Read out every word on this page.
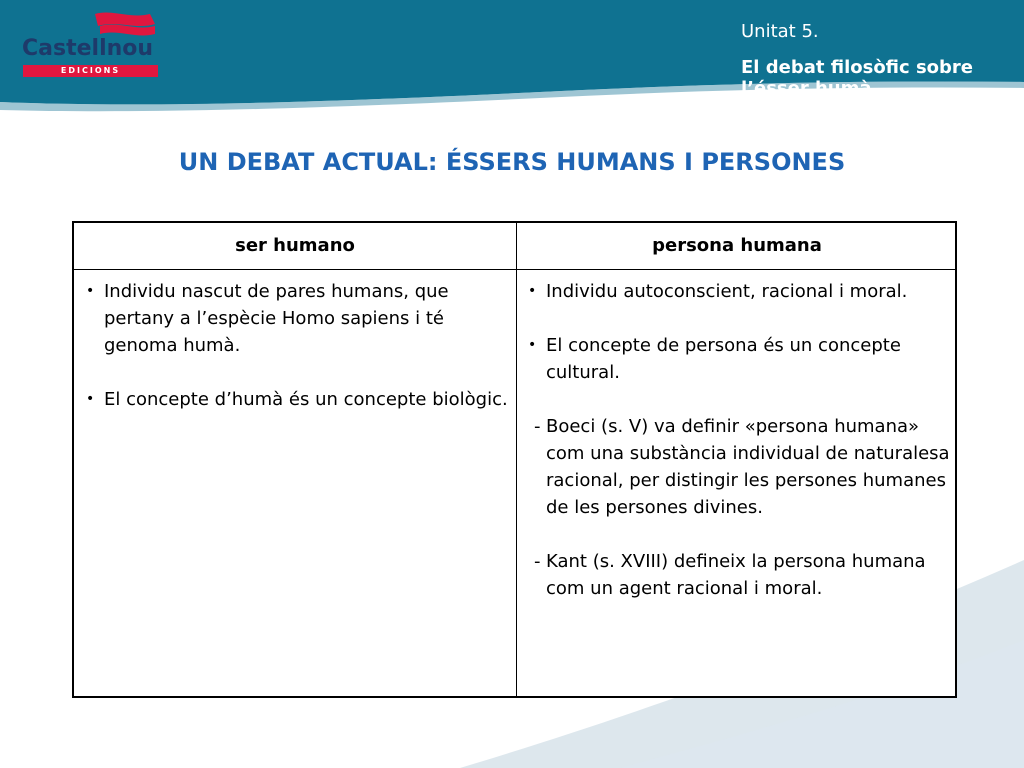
Castellnou
EDICIONS
Unitat 5.
El debat filosòfic sobre l’ésser humà
UN DEBAT ACTUAL: ÉSSERS HUMANS I PERSONES
ser humano	persona humana
• Individu nascut de pares humans, que pertany a l’espècie Homo sapiens i té genoma humà.
• El concepte d’humà és un concepte biològic.
• Individu autoconscient, racional i moral.
• El concepte de persona és un concepte cultural.
- Boeci (s. V) va definir «persona humana» com una substància individual de naturalesa racional, per distingir les persones humanes de les persones divines.
- Kant (s. XVIII) defineix la persona humana com un agent racional i moral.
